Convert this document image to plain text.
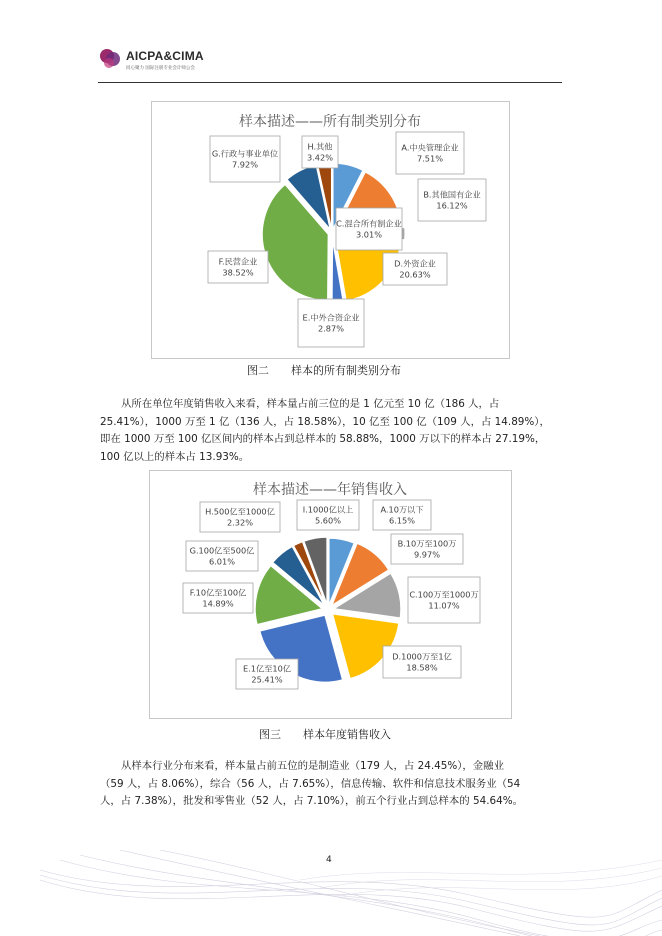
AICPA&CIMA
同心聚力 国际注册专业会计师公会
样本描述——所有制类别分布
A.中央管理企业
7.51%
B.其他国有企业
16.12%
C.混合所有制企业
3.01%
D.外资企业
20.63%
E.中外合资企业
2.87%
F.民营企业
38.52%
G.行政与事业单位
7.92%
H.其他
3.42%
图二　　样本的所有制类别分布
从所在单位年度销售收入来看，样本量占前三位的是 1 亿元至 10 亿（186 人，占
25.41%），1000 万至 1 亿（136 人，占 18.58%），10 亿至 100 亿（109 人，占 14.89%），
即在 1000 万至 100 亿区间内的样本占到总样本的 58.88%，1000 万以下的样本占 27.19%，
100 亿以上的样本占 13.93%。
样本描述——年销售收入
A.10万以下
6.15%
B.10万至100万
9.97%
C.100万至1000万
11.07%
D.1000万至1亿
18.58%
E.1亿至10亿
25.41%
F.10亿至100亿
14.89%
G.100亿至500亿
6.01%
H.500亿至1000亿
2.32%
I.1000亿以上
5.60%
图三　　样本年度销售收入
从样本行业分布来看，样本量占前五位的是制造业（179 人，占 24.45%），金融业
（59 人，占 8.06%），综合（56 人，占 7.65%），信息传输、软件和信息技术服务业（54
人，占 7.38%），批发和零售业（52 人，占 7.10%），前五个行业占到总样本的 54.64%。
4
